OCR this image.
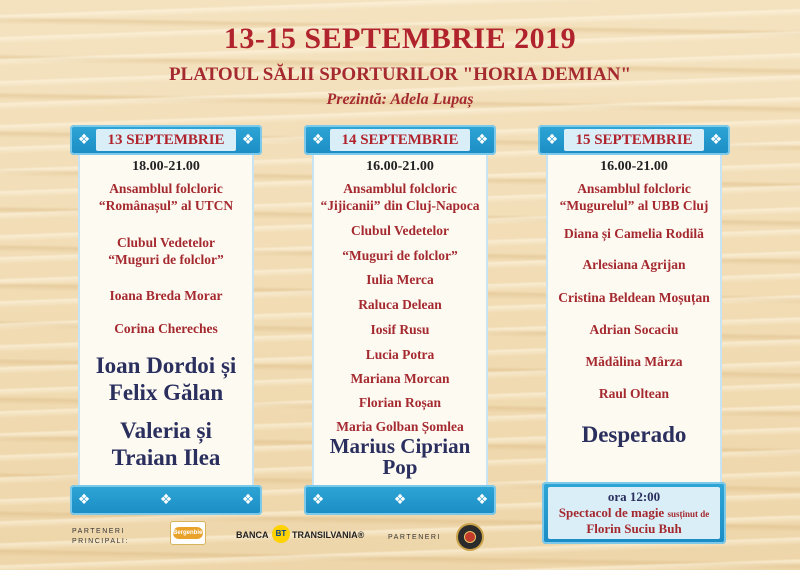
13-15 SEPTEMBRIE 2019
PLATOUL SĂLII SPORTURILOR "HORIA DEMIAN"
Prezintă: Adela Lupaș
❖	13 SEPTEMBRIE	❖
18.00-21.00
Ansamblul folcloric
“Românașul” al UTCN
Clubul Vedetelor
“Muguri de folclor”
Ioana Breda Morar
Corina Chereches
Ioan Dordoi și
Felix Gălan
Valeria și
Traian Ilea
❖	❖	❖
❖	14 SEPTEMBRIE	❖
16.00-21.00
Ansamblul folcloric
“Jijicanii” din Cluj-Napoca
Clubul Vedetelor
“Muguri de folclor”
Iulia Merca
Raluca Delean
Iosif Rusu
Lucia Potra
Mariana Morcan
Florian Roșan
Maria Golban Șomlea
Marius Ciprian
Pop
❖	❖	❖
❖	15 SEPTEMBRIE	❖
16.00-21.00
Ansamblul folcloric
“Mugurelul” al UBB Cluj
Diana și Camelia Rodilă
Arlesiana Agrijan
Cristina Beldean Moșuțan
Adrian Socaciu
Mădălina Mârza
Raul Oltean
Desperado
ora 12:00
Spectacol de magie susținut de
Florin Suciu Buh
PARTENERI PRINCIPALI:
Bergenbier	BANCA BT TRANSILVANIA®	PARTENERI
